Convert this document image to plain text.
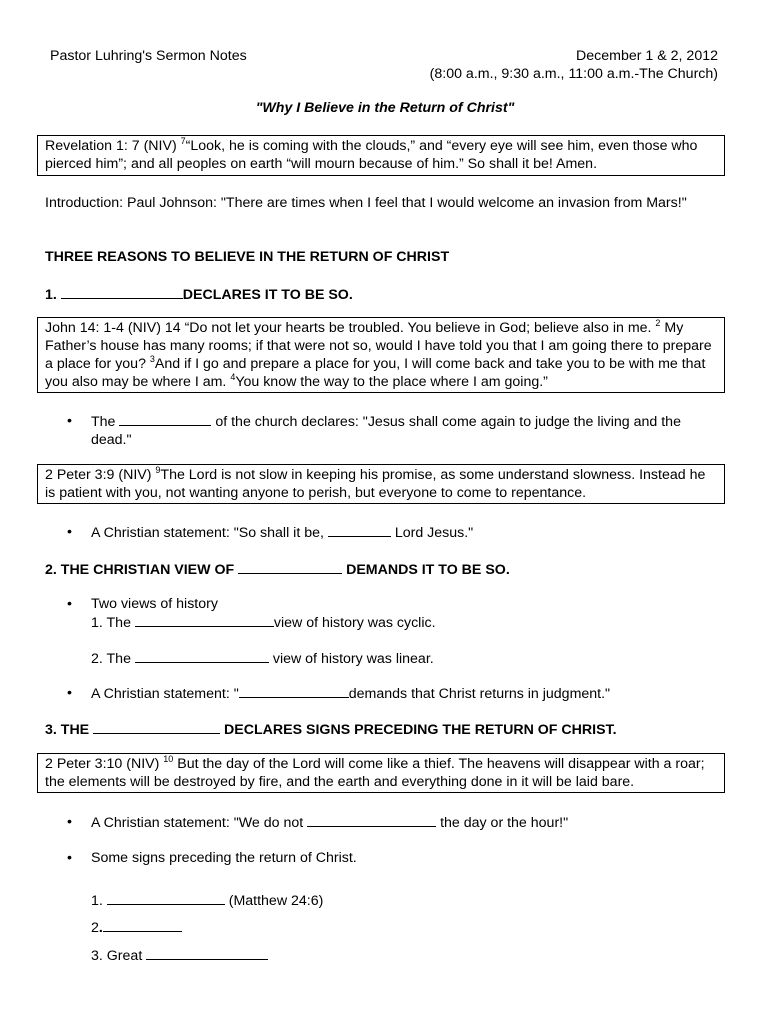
Pastor Luhring's Sermon Notes	December 1 & 2, 2012
(8:00 a.m., 9:30 a.m., 11:00 a.m.-The Church)
"Why I Believe in the Return of Christ"
Revelation 1: 7 (NIV) $^7$“Look, he is coming with the clouds,” and “every eye will see him, even those who pierced him”; and all peoples on earth “will mourn because of him.” So shall it be! Amen.
Introduction: Paul Johnson: "There are times when I feel that I would welcome an invasion from Mars!"
THREE REASONS TO BELIEVE IN THE RETURN OF CHRIST
1.	DECLARES IT TO BE SO.
John 14: 1-4 (NIV) 14 “Do not let your hearts be troubled. You believe in God; believe also in me. $^2$ My Father’s house has many rooms; if that were not so, would I have told you that I am going there to prepare a place for you? $^3$And if I go and prepare a place for you, I will come back and take you to be with me that you also may be where I am. $^4$You know the way to the place where I am going.”
• The	of the church declares: "Jesus shall come again to judge the living and the dead."
2 Peter 3:9 (NIV) $^9$The Lord is not slow in keeping his promise, as some understand slowness. Instead he is patient with you, not wanting anyone to perish, but everyone to come to repentance.
• A Christian statement: "So shall it be,	Lord Jesus."
2. THE CHRISTIAN VIEW OF	DEMANDS IT TO BE SO.
• Two views of history
1. The	view of history was cyclic.
2. The	view of history was linear.
• A Christian statement: "	demands that Christ returns in judgment."
3. THE	DECLARES SIGNS PRECEDING THE RETURN OF CHRIST.
2 Peter 3:10 (NIV) $^{10}$ But the day of the Lord will come like a thief. The heavens will disappear with a roar; the elements will be destroyed by fire, and the earth and everything done in it will be laid bare.
• A Christian statement: "We do not	the day or the hour!"
• Some signs preceding the return of Christ.
1.	(Matthew 24:6)
2.
3. Great
